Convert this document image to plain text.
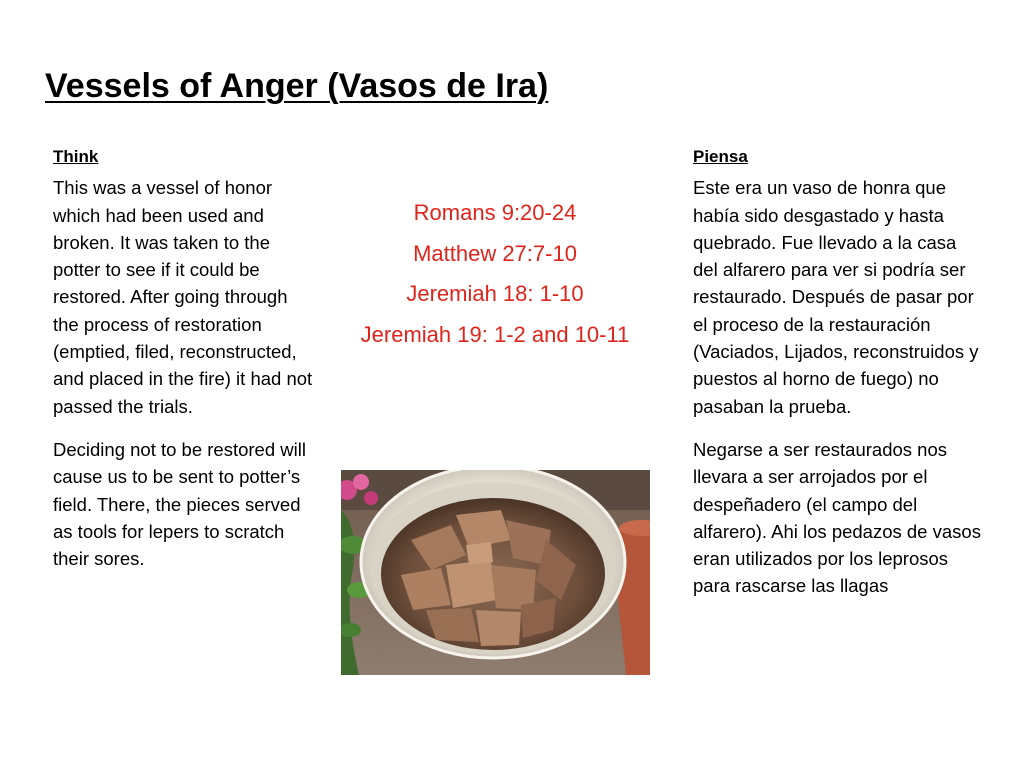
Vessels of Anger (Vasos de Ira)
Think

This was a vessel of honor which had been used and broken. It was taken to the potter to see if it could be restored. After going through the process of restoration (emptied, filed, reconstructed, and placed in the fire) it had not passed the trials.

Deciding not to be restored will cause us to be sent to potter’s field. There, the pieces served as tools for lepers to scratch their sores.

Romans 9:20-24
Matthew 27:7-10
Jeremiah 18: 1-10
Jeremiah 19: 1-2 and 10-11
Piensa

Este era un vaso de honra que había sido desgastado y hasta quebrado. Fue llevado a la casa del alfarero para ver si podría ser restaurado. Después de pasar por el proceso de la restauración (Vaciados, Lijados, reconstruidos y puestos al horno de fuego) no pasaban la prueba.

Negarse a ser restaurados nos llevara a ser arrojados por el despeñadero (el campo del alfarero). Ahi los pedazos de vasos eran utilizados por los leprosos para rascarse las llagas
